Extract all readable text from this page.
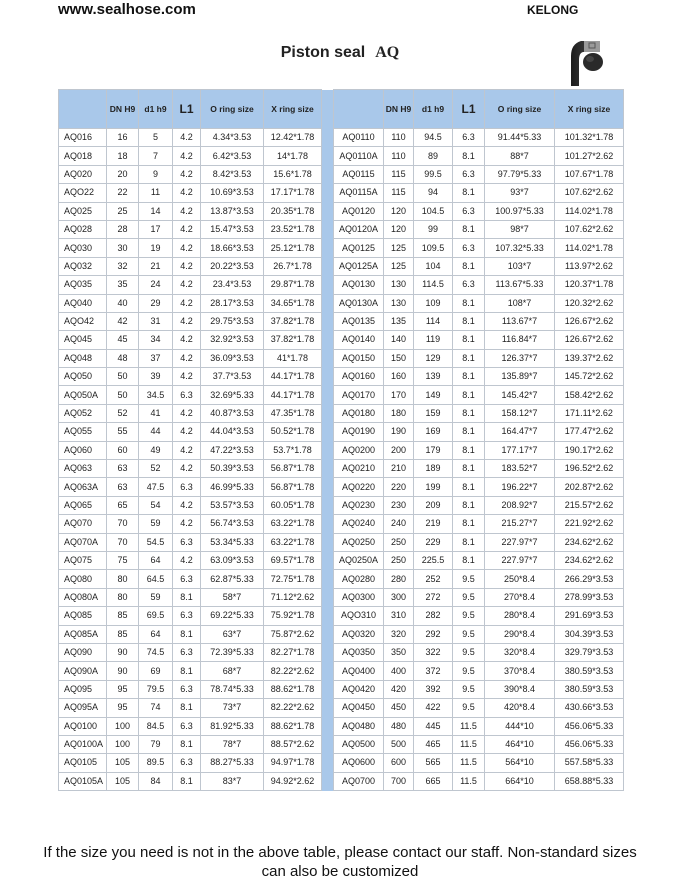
www.sealhose.com	KELONG
Piston seal AQ
	DN H9	d1 h9	L1	O ring size	X ring size			DN H9	d1 h9	L1	O ring size	X ring size
AQ016	16	5	4.2	4.34*3.53	12.42*1.78		AQ0110	110	94.5	6.3	91.44*5.33	101.32*1.78
AQ018	18	7	4.2	6.42*3.53	14*1.78		AQ0110A	110	89	8.1	88*7	101.27*2.62
AQ020	20	9	4.2	8.42*3.53	15.6*1.78		AQ0115	115	99.5	6.3	97.79*5.33	107.67*1.78
AQO22	22	11	4.2	10.69*3.53	17.17*1.78		AQ0115A	115	94	8.1	93*7	107.62*2.62
AQ025	25	14	4.2	13.87*3.53	20.35*1.78		AQ0120	120	104.5	6.3	100.97*5.33	114.02*1.78
AQ028	28	17	4.2	15.47*3.53	23.52*1.78		AQ0120A	120	99	8.1	98*7	107.62*2.62
AQ030	30	19	4.2	18.66*3.53	25.12*1.78		AQ0125	125	109.5	6.3	107.32*5.33	114.02*1.78
AQ032	32	21	4.2	20.22*3.53	26.7*1.78		AQ0125A	125	104	8.1	103*7	113.97*2.62
AQ035	35	24	4.2	23.4*3.53	29.87*1.78		AQ0130	130	114.5	6.3	113.67*5.33	120.37*1.78
AQ040	40	29	4.2	28.17*3.53	34.65*1.78		AQ0130A	130	109	8.1	108*7	120.32*2.62
AQO42	42	31	4.2	29.75*3.53	37.82*1.78		AQ0135	135	114	8.1	113.67*7	126.67*2.62
AQ045	45	34	4.2	32.92*3.53	37.82*1.78		AQ0140	140	119	8.1	116.84*7	126.67*2.62
AQ048	48	37	4.2	36.09*3.53	41*1.78		AQ0150	150	129	8.1	126.37*7	139.37*2.62
AQ050	50	39	4.2	37.7*3.53	44.17*1.78		AQ0160	160	139	8.1	135.89*7	145.72*2.62
AQ050A	50	34.5	6.3	32.69*5.33	44.17*1.78		AQ0170	170	149	8.1	145.42*7	158.42*2.62
AQ052	52	41	4.2	40.87*3.53	47.35*1.78		AQ0180	180	159	8.1	158.12*7	171.11*2.62
AQ055	55	44	4.2	44.04*3.53	50.52*1.78		AQ0190	190	169	8.1	164.47*7	177.47*2.62
AQ060	60	49	4.2	47.22*3.53	53.7*1.78		AQ0200	200	179	8.1	177.17*7	190.17*2.62
AQ063	63	52	4.2	50.39*3.53	56.87*1.78		AQ0210	210	189	8.1	183.52*7	196.52*2.62
AQ063A	63	47.5	6.3	46.99*5.33	56.87*1.78		AQ0220	220	199	8.1	196.22*7	202.87*2.62
AQ065	65	54	4.2	53.57*3.53	60.05*1.78		AQ0230	230	209	8.1	208.92*7	215.57*2.62
AQ070	70	59	4.2	56.74*3.53	63.22*1.78		AQ0240	240	219	8.1	215.27*7	221.92*2.62
AQ070A	70	54.5	6.3	53.34*5.33	63.22*1.78		AQ0250	250	229	8.1	227.97*7	234.62*2.62
AQ075	75	64	4.2	63.09*3.53	69.57*1.78		AQ0250A	250	225.5	8.1	227.97*7	234.62*2.62
AQ080	80	64.5	6.3	62.87*5.33	72.75*1.78		AQ0280	280	252	9.5	250*8.4	266.29*3.53
AQ080A	80	59	8.1	58*7	71.12*2.62		AQ0300	300	272	9.5	270*8.4	278.99*3.53
AQ085	85	69.5	6.3	69.22*5.33	75.92*1.78		AQO310	310	282	9.5	280*8.4	291.69*3.53
AQ085A	85	64	8.1	63*7	75.87*2.62		AQ0320	320	292	9.5	290*8.4	304.39*3.53
AQ090	90	74.5	6.3	72.39*5.33	82.27*1.78		AQ0350	350	322	9.5	320*8.4	329.79*3.53
AQ090A	90	69	8.1	68*7	82.22*2.62		AQ0400	400	372	9.5	370*8.4	380.59*3.53
AQ095	95	79.5	6.3	78.74*5.33	88.62*1.78		AQ0420	420	392	9.5	390*8.4	380.59*3.53
AQ095A	95	74	8.1	73*7	82.22*2.62		AQ0450	450	422	9.5	420*8.4	430.66*3.53
AQ0100	100	84.5	6.3	81.92*5.33	88.62*1.78		AQ0480	480	445	11.5	444*10	456.06*5.33
AQ0100A	100	79	8.1	78*7	88.57*2.62		AQ0500	500	465	11.5	464*10	456.06*5.33
AQ0105	105	89.5	6.3	88.27*5.33	94.97*1.78		AQ0600	600	565	11.5	564*10	557.58*5.33
AQ0105A	105	84	8.1	83*7	94.92*2.62		AQ0700	700	665	11.5	664*10	658.88*5.33
If the size you need is not in the above table, please contact our staff. Non-standard sizes can also be customized
